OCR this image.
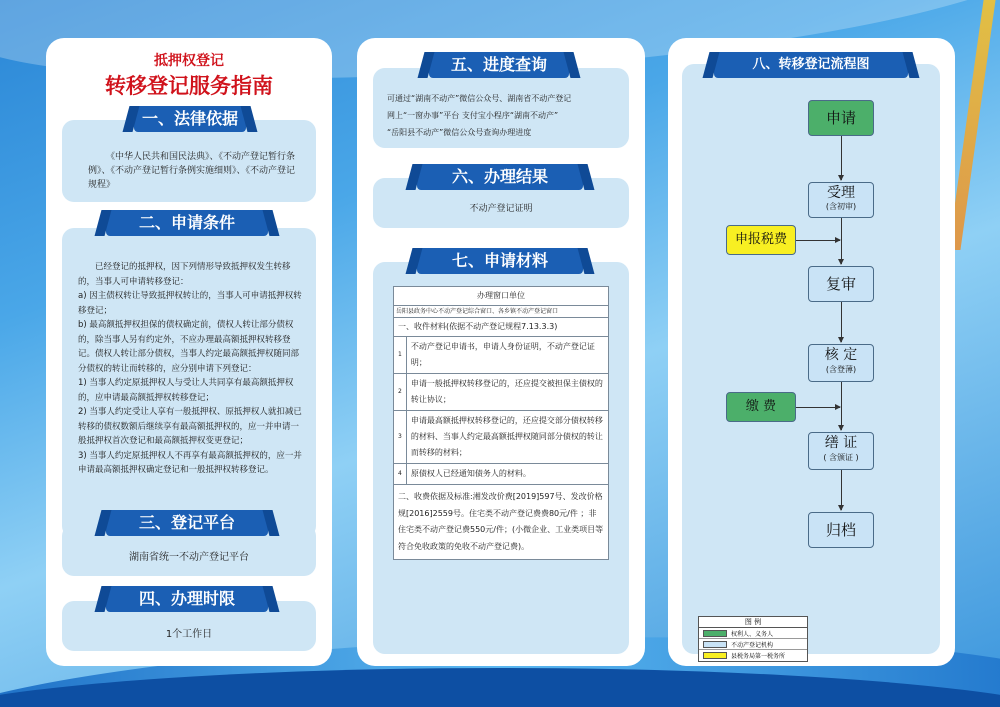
抵押权登记
转移登记服务指南

《中华人民共和国民法典》、《不动产登记暂行条例》、《不动产登记暂行条例实施细则》、《不动产登记规程》

一、法律依据

已经登记的抵押权，因下列情形导致抵押权发生转移的，当事人可申请转移登记：

a) 因主债权转让导致抵押权转让的，当事人可申请抵押权转移登记；

b) 最高额抵押权担保的债权确定前，债权人转让部分债权的，除当事人另有约定外，不应办理最高额抵押权转移登记。债权人转让部分债权，当事人约定最高额抵押权随同部分债权的转让而转移的，应分别申请下列登记：

1) 当事人约定原抵押权人与受让人共同享有最高额抵押权的，应申请最高额抵押权转移登记；

2) 当事人约定受让人享有一般抵押权、原抵押权人就扣减已转移的债权数额后继续享有最高额抵押权的，应一并申请一般抵押权首次登记和最高额抵押权变更登记；

3) 当事人约定原抵押权人不再享有最高额抵押权的，应一并申请最高额抵押权确定登记和一般抵押权转移登记。

二、申请条件

湖南省统一不动产登记平台

三、登记平台

1个工作日

四、办理时限

可通过“湖南不动产”微信公众号、湖南省不动产登记

网上“一窗办事”平台 支付宝小程序“湖南不动产”

“岳阳县不动产”微信公众号查询办理进度

五、进度查询

不动产登记证明

六、办理结果
七、申请材料
办理窗口单位	
岳阳县政务中心不动产登记综合窗口、各乡镇不动产登记窗口	
一、收件材料(依据不动产登记规程7.13.3.3)	
1	不动产登记申请书，申请人身份证明，不动产登记证明；
2	申请一般抵押权转移登记的，还应提交被担保主债权的转让协议；
3	申请最高额抵押权转移登记的，还应提交部分债权转移的材料、当事人约定最高额抵押权随同部分债权的转让而转移的材料；
4	原债权人已经通知债务人的材料。
二、收费依据及标准:湘发改价费[2019]597号、发改价格规[2016]2559号。住宅类不动产登记费费80元/件 ；非住宅类不动产登记费550元/件；(小微企业、工业类项目等符合免收政策的免收不动产登记费)。	
八、转移登记流程图
申请
受理
(含初审)
申报税费
复审
核 定
(含登薄)
缴 费
缮 证
( 含颁证 )
归档
图 例
权利人、义务人
不动产登记机构
县税务局第一税务所
